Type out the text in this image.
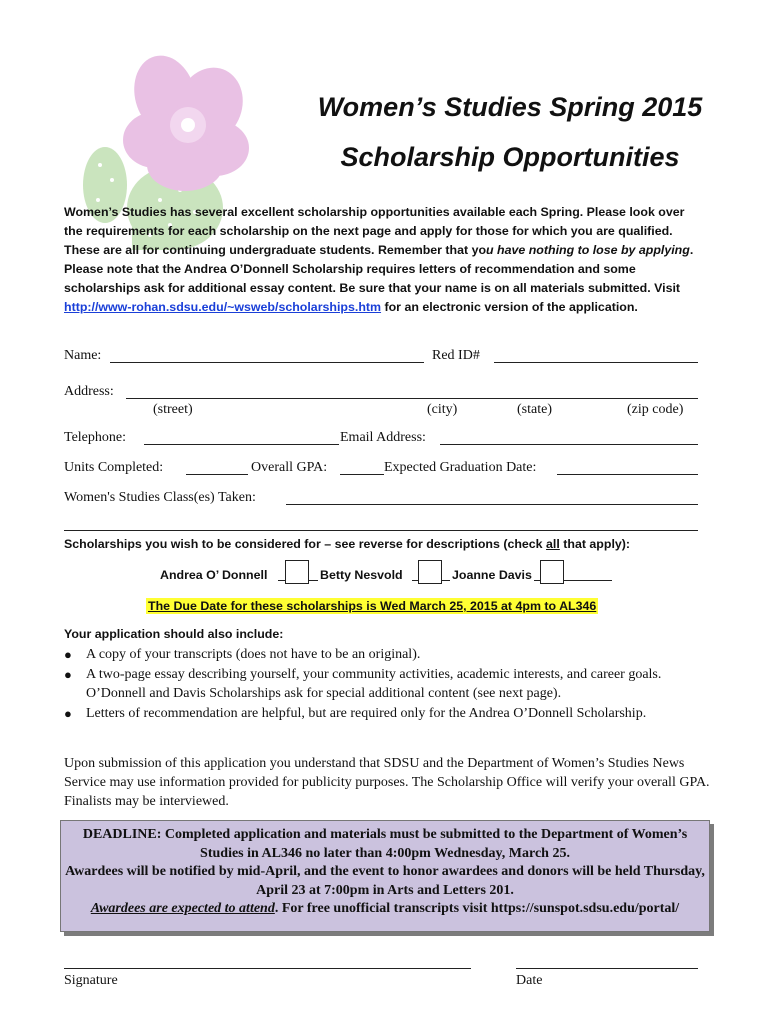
Women’s Studies Spring 2015
Scholarship Opportunities
Women’s Studies has several excellent scholarship opportunities available each Spring. Please look over the requirements for each scholarship on the next page and apply for those for which you are qualified. These are all for continuing undergraduate students. Remember that you have nothing to lose by applying. Please note that the Andrea O’Donnell Scholarship requires letters of recommendation and some scholarships ask for additional essay content. Be sure that your name is on all materials submitted. Visit http://www-rohan.sdsu.edu/~wsweb/scholarships.htm for an electronic version of the application.
Name:	Red ID#
Address:
(street)	(city)	(state)	(zip code)
Telephone:	Email Address:
Units Completed:	Overall GPA:	Expected Graduation Date:
Women's Studies Class(es) Taken:
Scholarships you wish to be considered for – see reverse for descriptions (check all that apply):
Andrea O’ Donnell	Betty Nesvold	Joanne Davis
The Due Date for these scholarships is Wed March 25, 2015 at 4pm to AL346
Your application should also include:
● A copy of your transcripts (does not have to be an original).
● A two-page essay describing yourself, your community activities, academic interests, and career goals. O’Donnell and Davis Scholarships ask for special additional content (see next page).
● Letters of recommendation are helpful, but are required only for the Andrea O’Donnell Scholarship.
Upon submission of this application you understand that SDSU and the Department of Women’s Studies News Service may use information provided for publicity purposes. The Scholarship Office will verify your overall GPA. Finalists may be interviewed.
DEADLINE: Completed application and materials must be submitted to the Department of Women’s Studies in AL346 no later than 4:00pm Wednesday, March 25.
Awardees will be notified by mid-April, and the event to honor awardees and donors will be held Thursday, April 23 at 7:00pm in Arts and Letters 201.
Awardees are expected to attend. For free unofficial transcripts visit https://sunspot.sdsu.edu/portal/
Signature	Date
